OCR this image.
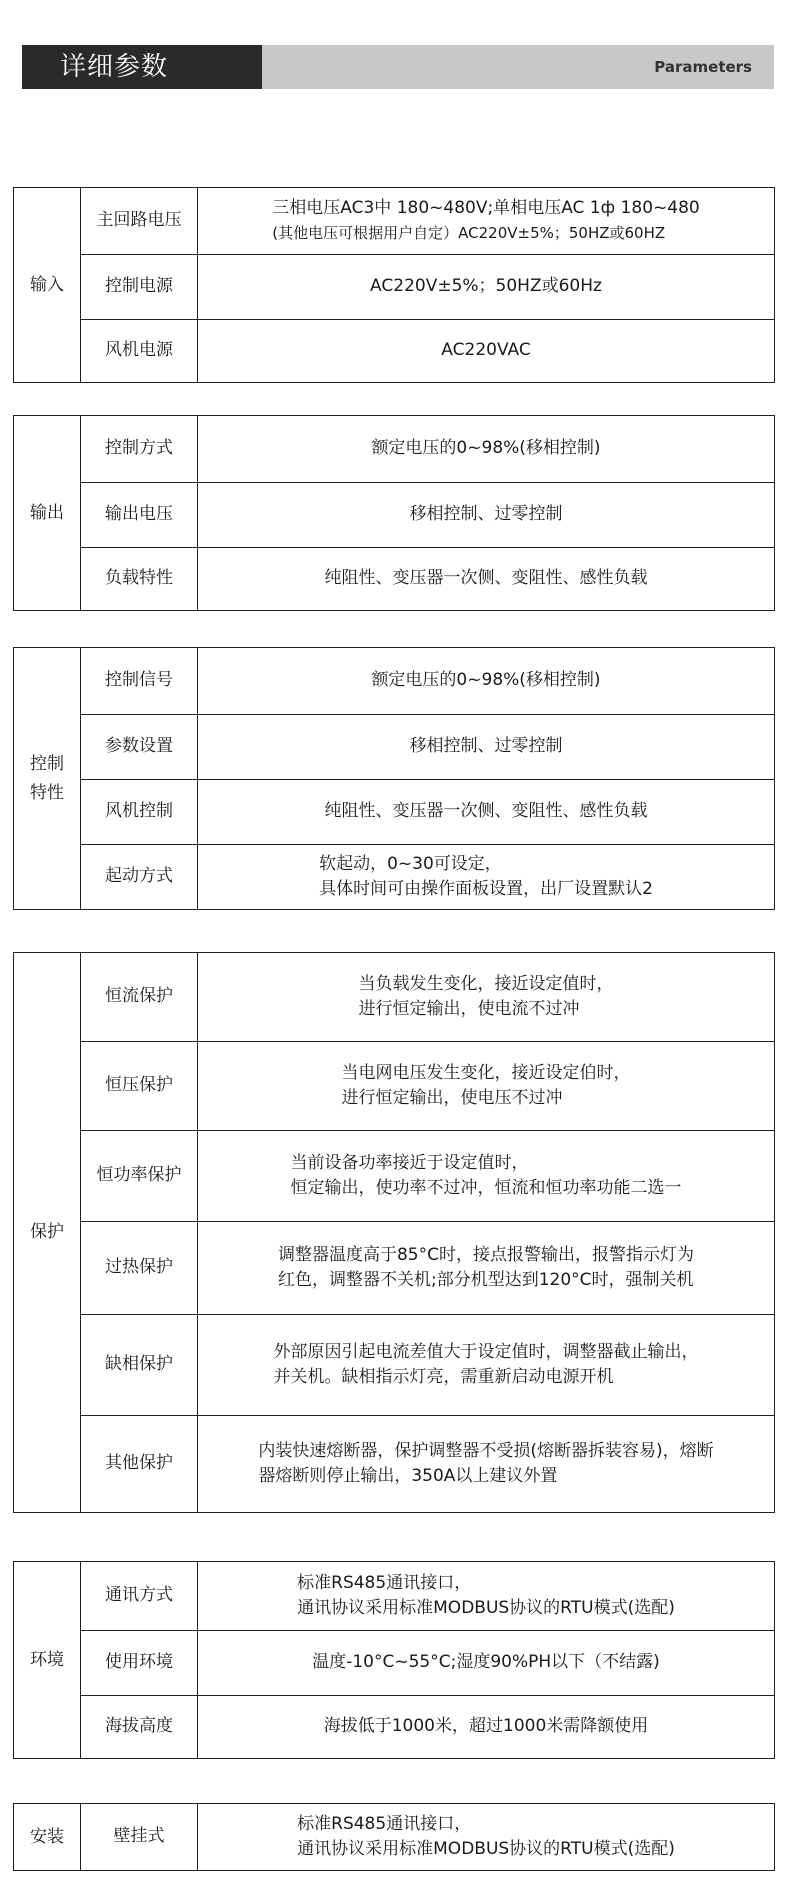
详细参数	Parameters
输入	主回路电压	三相电压AC3中 180~480V;单相电压AC 1ф 180~480
(其他电压可根据用户自定）AC220V±5%；50HZ或60HZ

	控制电源	AC220V±5%；50HZ或60Hz

	风机电源	AC220VAC
输出	控制方式	额定电压的0~98%(移相控制)

	输出电压	移相控制、过零控制

	负载特性	纯阻性、变压器一次侧、变阻性、感性负载
控制特性	控制信号	额定电压的0~98%(移相控制)

	参数设置	移相控制、过零控制

	风机控制	纯阻性、变压器一次侧、变阻性、感性负载

	起动方式	软起动，0~30可设定，
具体时间可由操作面板设置，出厂设置默认2
保护	恒流保护	当负载发生变化，接近设定值时，
进行恒定输出，使电流不过冲

	恒压保护	当电网电压发生变化，接近设定伯时，
进行恒定输出，使电压不过冲

	恒功率保护	当前设备功率接近于设定值时，
恒定输出，使功率不过冲，恒流和恒功率功能二选一

	过热保护	调整器温度高于85°C时，接点报警输出，报警指示灯为
红色，调整器不关机;部分机型达到120°C时，强制关机

	缺相保护	外部原因引起电流差值大于设定值时，调整器截止输出，
并关机。缺相指示灯亮，需重新启动电源开机

	其他保护	内装快速熔断器，保护调整器不受损(熔断器拆装容易)，熔断
器熔断则停止输出，350A以上建议外置
环境	通讯方式	标准RS485通讯接口，
通讯协议采用标准MODBUS协议的RTU模式(选配)

	使用环境	温度-10°C~55°C;湿度90%PH以下（不结露)

	海拔高度	海拔低于1000米，超过1000米需降额使用
安装	壁挂式	
标准RS485通讯接口，
通讯协议采用标准MODBUS协议的RTU模式(选配)
